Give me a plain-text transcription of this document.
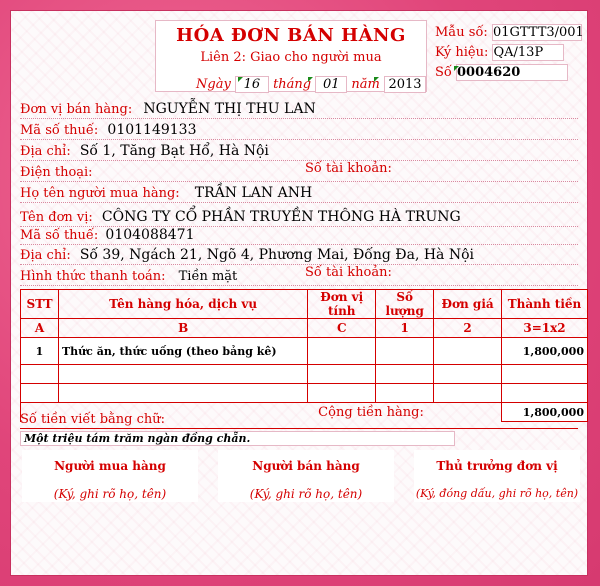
HÓA ĐƠN BÁN HÀNG
Liên 2: Giao cho người mua
Ngày 16 tháng 01 năm 2013
Mẫu số: 01GTTT3/001
Ký hiệu: QA/13P
Số 0004620
Đơn vị bán hàng: NGUYỄN THỊ THU LAN
Mã số thuế: 0101149133
Địa chỉ: Số 1, Tăng Bạt Hổ, Hà Nội
Điện thoại:	Số tài khoản:
Họ tên người mua hàng: TRẦN LAN ANH
Tên đơn vị: CÔNG TY CỔ PHẦN TRUYỀN THÔNG HÀ TRUNG
Mã số thuế: 0104088471
Địa chỉ: Số 39, Ngách 21, Ngõ 4, Phương Mai, Đống Đa, Hà Nội
Hình thức thanh toán: Tiền mặt	Số tài khoản:
STT	Tên hàng hóa, dịch vụ	Đơn vị tính	Số lượng	Đơn giá	Thành tiền
A	B	C	1	2	3=1x2
1	Thức ăn, thức uống (theo bảng kê)				1,800,000

Cộng tiền hàng:					1,800,000
Số tiền viết bằng chữ: Một triệu tám trăm ngàn đồng chẵn.
Người mua hàng
(Ký, ghi rõ họ, tên)
Người bán hàng
(Ký, ghi rõ họ, tên)
Thủ trưởng đơn vị
(Ký, đóng dấu, ghi rõ họ, tên)
